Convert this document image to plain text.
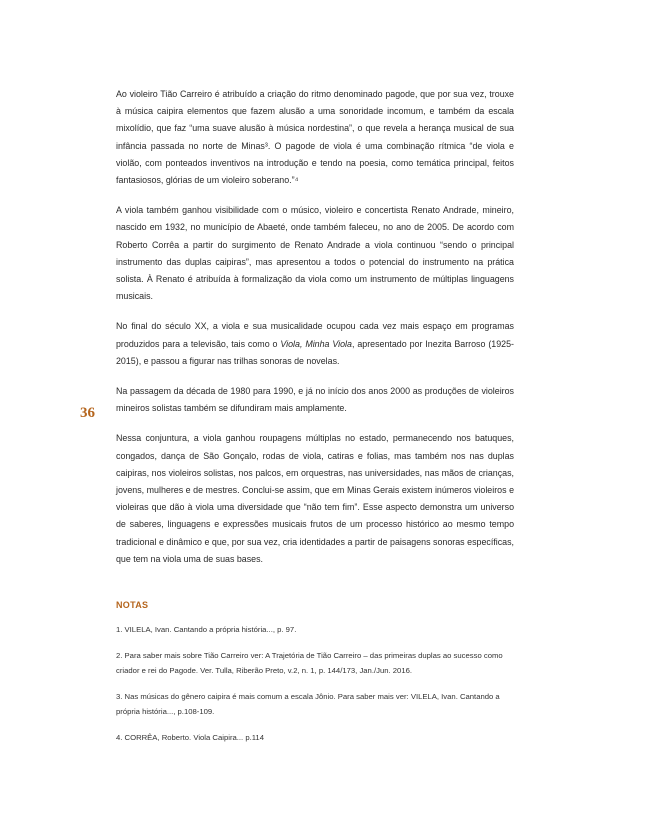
36

Ao violeiro Tião Carreiro é atribuído a criação do ritmo denominado pagode, que por sua vez, trouxe à música caipira elementos que fazem alusão a uma sonoridade incomum, e também da escala mixolídio, que faz “uma suave alusão à música nordestina”, o que revela a herança musical de sua infância passada no norte de Minas³. O pagode de viola é uma combinação rítmica “de viola e violão, com ponteados inventivos na introdução e tendo na poesia, como temática principal, feitos fantasiosos, glórias de um violeiro soberano.”⁴

A viola também ganhou visibilidade com o músico, violeiro e concertista Renato Andrade, mineiro, nascido em 1932, no município de Abaeté, onde também faleceu, no ano de 2005. De acordo com Roberto Corrêa a partir do surgimento de Renato Andrade a viola continuou “sendo o principal instrumento das duplas caipiras”, mas apresentou a todos o potencial do instrumento na prática solista. À Renato é atribuída à formalização da viola como um instrumento de múltiplas linguagens musicais.

No final do século XX, a viola e sua musicalidade ocupou cada vez mais espaço em programas produzidos para a televisão, tais como o Viola, Minha Viola, apresentado por Inezita Barroso (1925-2015), e passou a figurar nas trilhas sonoras de novelas.

Na passagem da década de 1980 para 1990, e já no início dos anos 2000 as produções de violeiros mineiros solistas também se difundiram mais amplamente.

Nessa conjuntura, a viola ganhou roupagens múltiplas no estado, permanecendo nos batuques, congados, dança de São Gonçalo, rodas de viola, catiras e folias, mas também nos nas duplas caipiras, nos violeiros solistas, nos palcos, em orquestras, nas universidades, nas mãos de crianças, jovens, mulheres e de mestres. Conclui-se assim, que em Minas Gerais existem inúmeros violeiros e violeiras que dão à viola uma diversidade que “não tem fim”. Esse aspecto demonstra um universo de saberes, linguagens e expressões musicais frutos de um processo histórico ao mesmo tempo tradicional e dinâmico e que, por sua vez, cria identidades a partir de paisagens sonoras específicas, que tem na viola uma de suas bases.

NOTAS

1. VILELA, Ivan. Cantando a própria história..., p. 97.

2. Para saber mais sobre Tião Carreiro ver: A Trajetória de Tião Carreiro – das primeiras duplas ao sucesso como criador e rei do Pagode. Ver. Tulla, Riberão Preto, v.2, n. 1, p. 144/173, Jan./Jun. 2016.

3. Nas músicas do gênero caipira é mais comum a escala Jônio. Para saber mais ver: VILELA, Ivan. Cantando a própria história..., p.108-109.

4. CORRÊA, Roberto. Viola Caipira... p.114
